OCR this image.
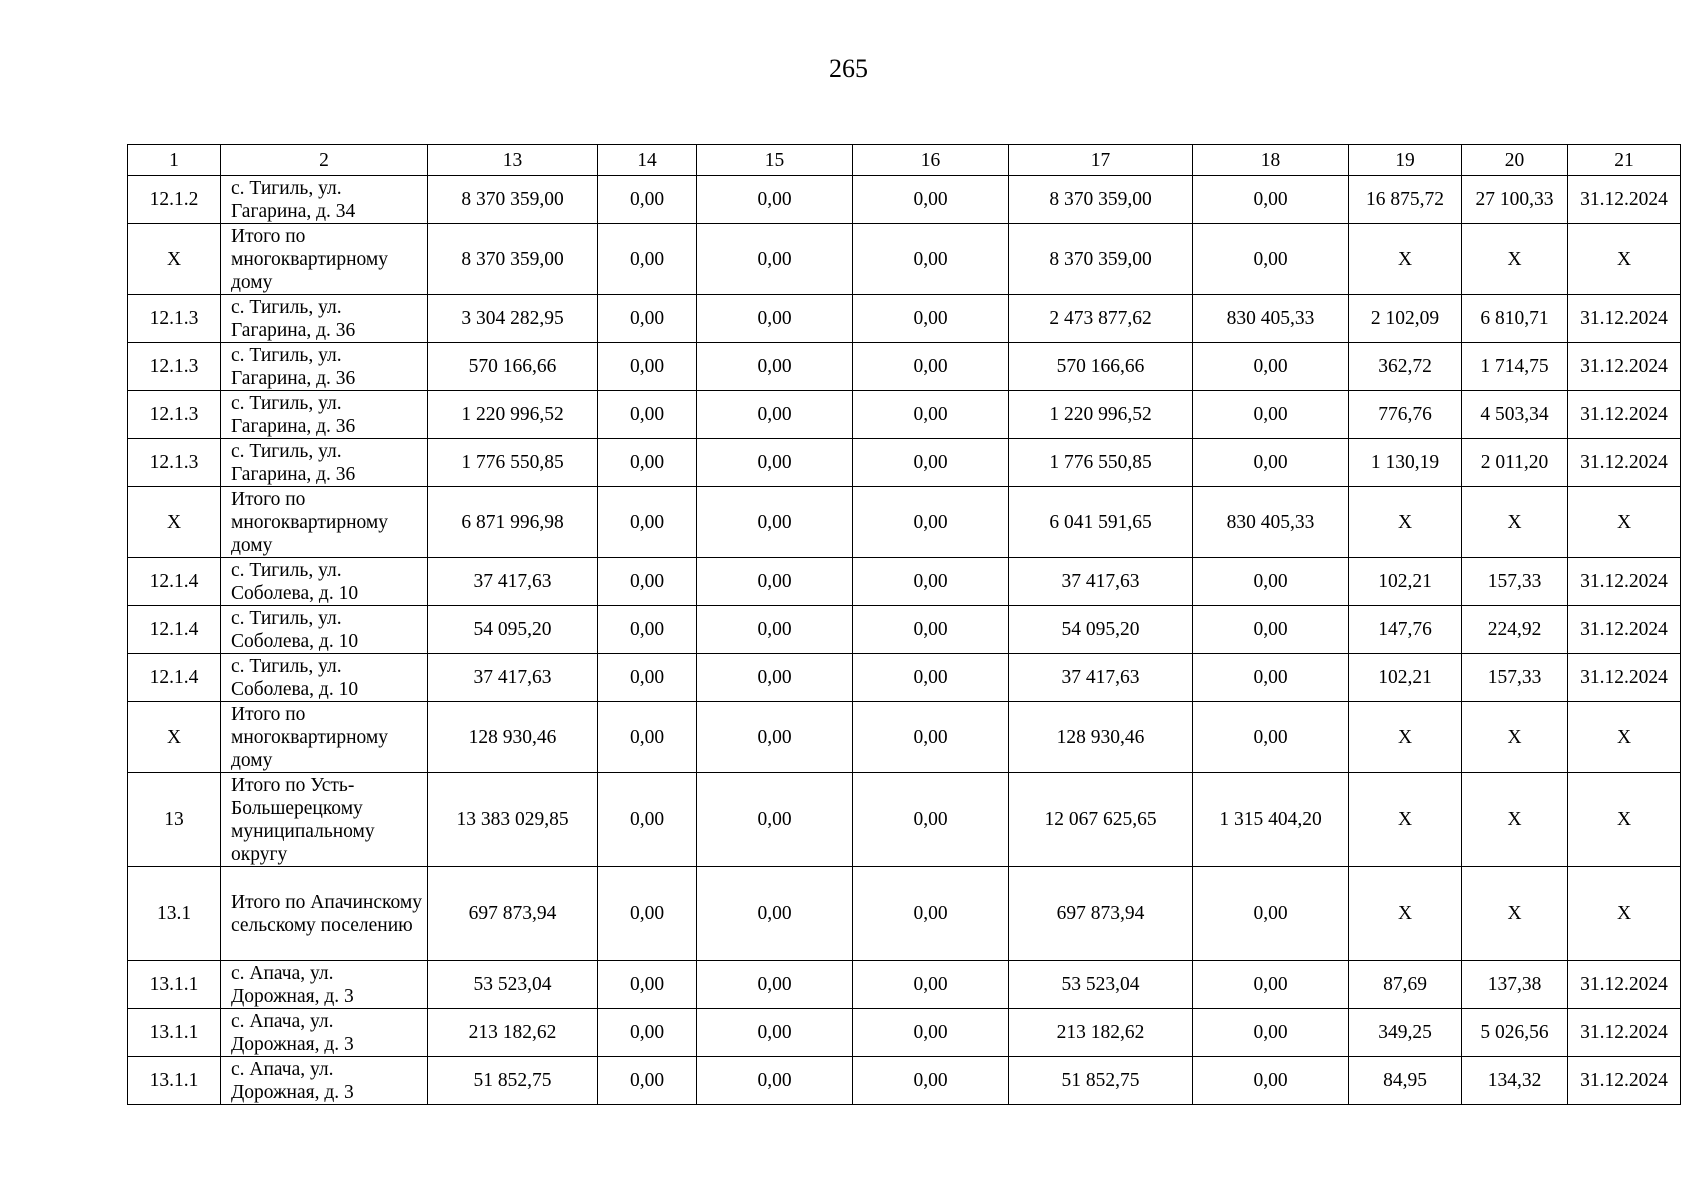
265
1	2	13	14	15	16	17	18	19	20	21
12.1.2	с. Тигиль, ул. Гагарина, д. 34	8 370 359,00	0,00	0,00	0,00	8 370 359,00	0,00	16 875,72	27 100,33	31.12.2024
X	Итого по многоквартирному дому	8 370 359,00	0,00	0,00	0,00	8 370 359,00	0,00	X	X	X
12.1.3	с. Тигиль, ул. Гагарина, д. 36	3 304 282,95	0,00	0,00	0,00	2 473 877,62	830 405,33	2 102,09	6 810,71	31.12.2024
12.1.3	с. Тигиль, ул. Гагарина, д. 36	570 166,66	0,00	0,00	0,00	570 166,66	0,00	362,72	1 714,75	31.12.2024
12.1.3	с. Тигиль, ул. Гагарина, д. 36	1 220 996,52	0,00	0,00	0,00	1 220 996,52	0,00	776,76	4 503,34	31.12.2024
12.1.3	с. Тигиль, ул. Гагарина, д. 36	1 776 550,85	0,00	0,00	0,00	1 776 550,85	0,00	1 130,19	2 011,20	31.12.2024
X	Итого по многоквартирному дому	6 871 996,98	0,00	0,00	0,00	6 041 591,65	830 405,33	X	X	X
12.1.4	с. Тигиль, ул. Соболева, д. 10	37 417,63	0,00	0,00	0,00	37 417,63	0,00	102,21	157,33	31.12.2024
12.1.4	с. Тигиль, ул. Соболева, д. 10	54 095,20	0,00	0,00	0,00	54 095,20	0,00	147,76	224,92	31.12.2024
12.1.4	с. Тигиль, ул. Соболева, д. 10	37 417,63	0,00	0,00	0,00	37 417,63	0,00	102,21	157,33	31.12.2024
X	Итого по многоквартирному дому	128 930,46	0,00	0,00	0,00	128 930,46	0,00	X	X	X
13	Итого по Усть-Большерецкому муниципальному округу	13 383 029,85	0,00	0,00	0,00	12 067 625,65	1 315 404,20	X	X	X
13.1	Итого по Апачинскому сельскому поселению	697 873,94	0,00	0,00	0,00	697 873,94	0,00	X	X	X
13.1.1	с. Апача, ул. Дорожная, д. 3	53 523,04	0,00	0,00	0,00	53 523,04	0,00	87,69	137,38	31.12.2024
13.1.1	с. Апача, ул. Дорожная, д. 3	213 182,62	0,00	0,00	0,00	213 182,62	0,00	349,25	5 026,56	31.12.2024
13.1.1	с. Апача, ул. Дорожная, д. 3	51 852,75	0,00	0,00	0,00	51 852,75	0,00	84,95	134,32	31.12.2024
